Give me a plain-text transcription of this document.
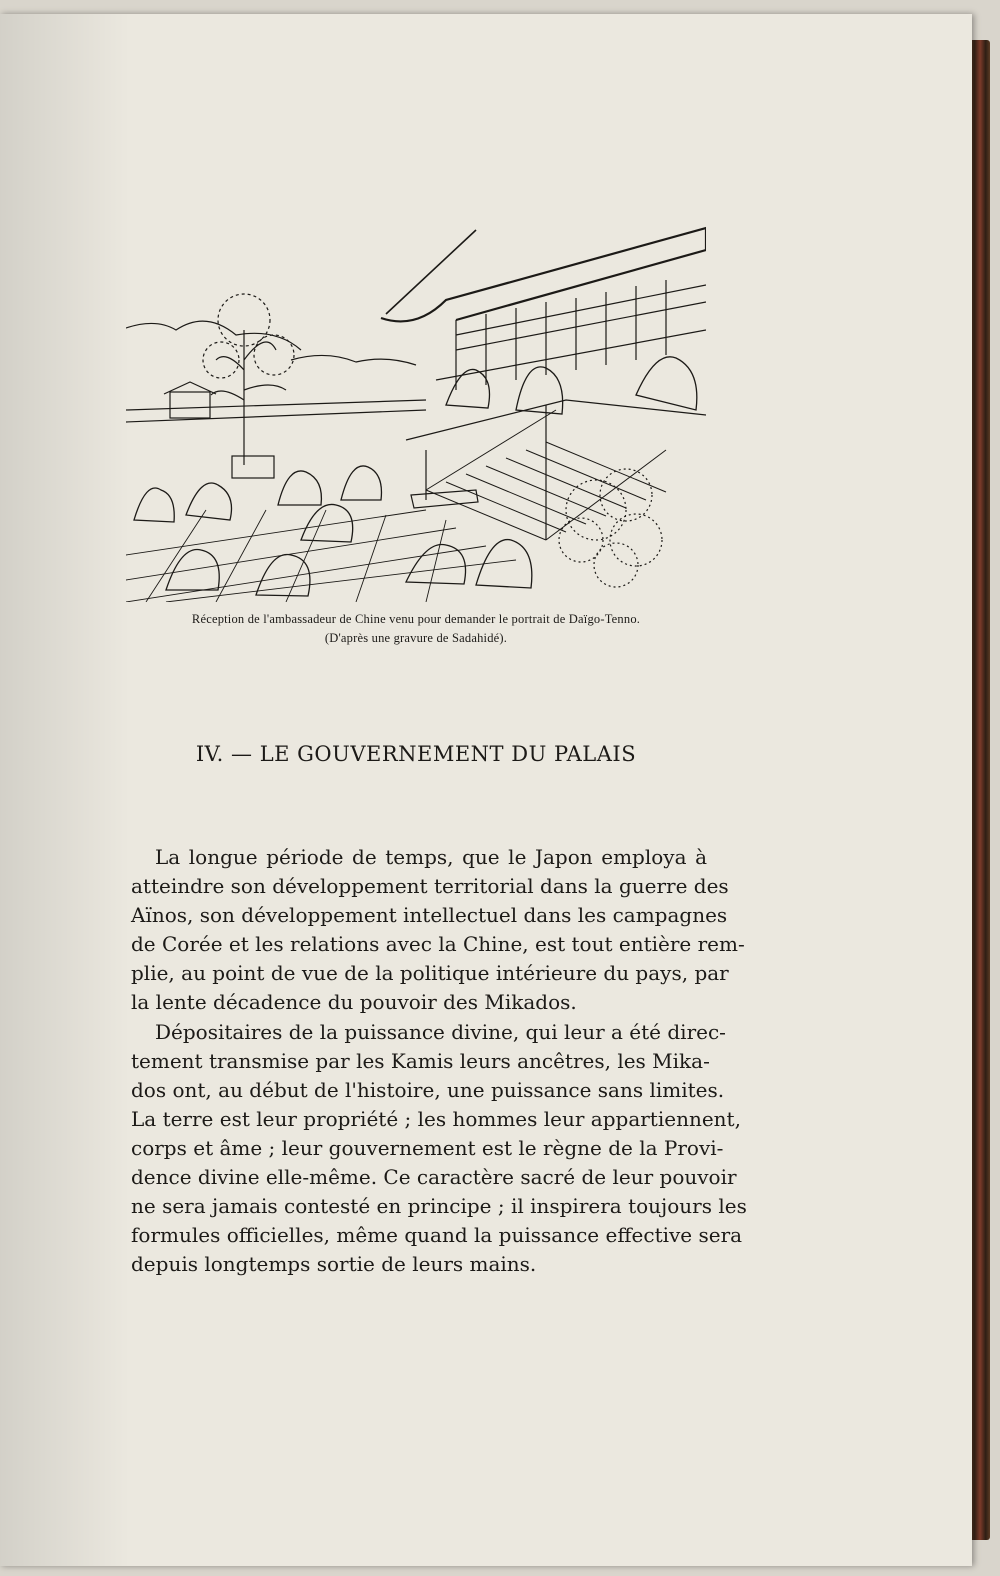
Réception de l'ambassadeur de Chine venu pour demander le portrait de Daïgo-Tenno.
(D'après une gravure de Sadahidé).
IV. — LE GOUVERNEMENT DU PALAIS
La longue période de temps, que le Japon employa à
atteindre son développement territorial dans la guerre des
Aïnos, son développement intellectuel dans les campagnes
de Corée et les relations avec la Chine, est tout entière rem-
plie, au point de vue de la politique intérieure du pays, par
la lente décadence du pouvoir des Mikados.
Dépositaires de la puissance divine, qui leur a été direc-
tement transmise par les Kamis leurs ancêtres, les Mika-
dos ont, au début de l'histoire, une puissance sans limites.
La terre est leur propriété ; les hommes leur appartiennent,
corps et âme ; leur gouvernement est le règne de la Provi-
dence divine elle-même. Ce caractère sacré de leur pouvoir
ne sera jamais contesté en principe ; il inspirera toujours les
formules officielles, même quand la puissance effective sera
depuis longtemps sortie de leurs mains.
